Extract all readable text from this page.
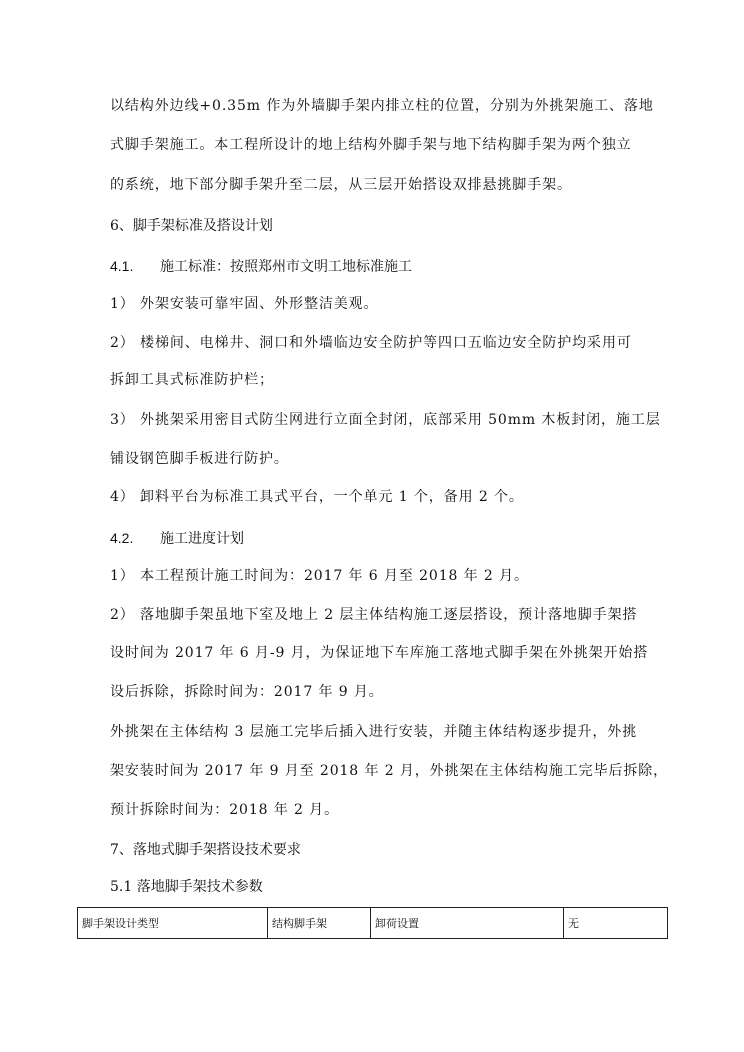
以结构外边线+0.35m 作为外墙脚手架内排立柱的位置，分别为外挑架施工、落地
式脚手架施工。本工程所设计的地上结构外脚手架与地下结构脚手架为两个独立
的系统，地下部分脚手架升至二层，从三层开始搭设双排悬挑脚手架。
6、脚手架标准及搭设计划
4.1. 施工标准：按照郑州市文明工地标准施工
1） 外架安装可靠牢固、外形整洁美观。
2） 楼梯间、电梯井、洞口和外墙临边安全防护等四口五临边安全防护均采用可
拆卸工具式标准防护栏；
3） 外挑架采用密目式防尘网进行立面全封闭，底部采用 50mm 木板封闭，施工层
铺设钢笆脚手板进行防护。
4） 卸料平台为标准工具式平台，一个单元 1 个，备用 2 个。
4.2. 施工进度计划
1） 本工程预计施工时间为：2017 年 6 月至 2018 年 2 月。
2） 落地脚手架虽地下室及地上 2 层主体结构施工逐层搭设，预计落地脚手架搭
设时间为 2017 年 6 月-9 月，为保证地下车库施工落地式脚手架在外挑架开始搭
设后拆除，拆除时间为：2017 年 9 月。
外挑架在主体结构 3 层施工完毕后插入进行安装，并随主体结构逐步提升，外挑
架安装时间为 2017 年 9 月至 2018 年 2 月，外挑架在主体结构施工完毕后拆除，
预计拆除时间为：2018 年 2 月。
7、落地式脚手架搭设技术要求
5.1 落地脚手架技术参数
脚手架设计类型	结构脚手架	卸荷设置	无
